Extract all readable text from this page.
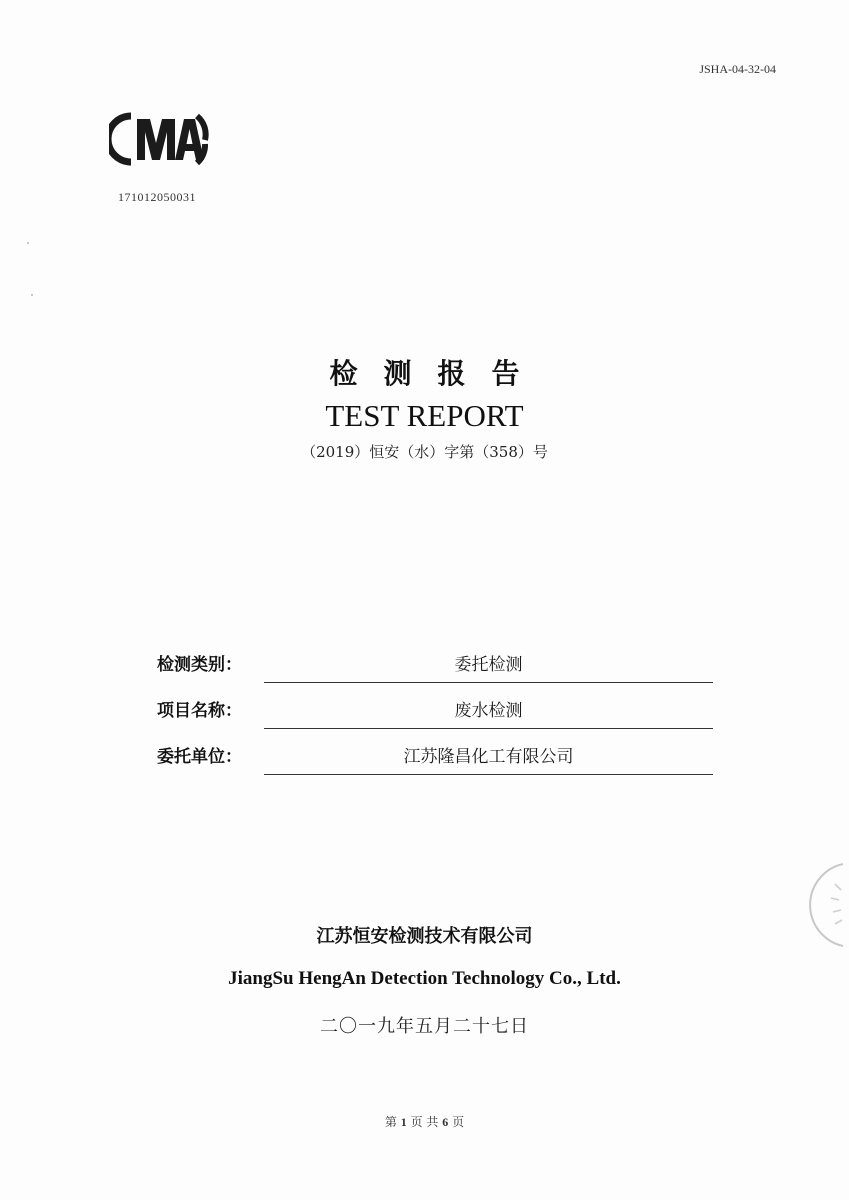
JSHA-04-32-04
171012050031
检测报告
TEST REPORT
（2019）恒安（水）字第（358）号
检测类别：	委托检测
项目名称：	废水检测
委托单位：	江苏隆昌化工有限公司
江苏恒安检测技术有限公司
JiangSu HengAn Detection Technology Co., Ltd.
二〇一九年五月二十七日
第 1 页 共 6 页
